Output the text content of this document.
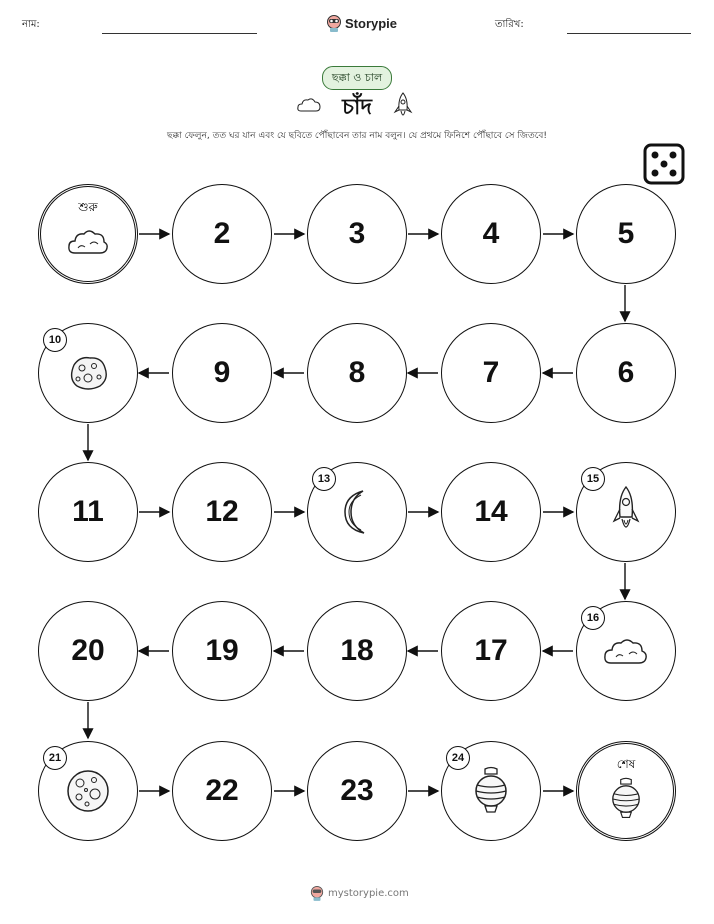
নাম:	Storypie	তারিখ:
ছক্কা ও চাল
চাঁদ
ছক্কা ফেলুন, তত ঘর যান এবং যে ছবিতে পৌঁছাবেন তার নাম বলুন। যে প্রথমে ফিনিশে পৌঁছাবে সে জিতবে!
শুরু
2	3	4	5
10
9	8	7	6
11	12
13
14
15
20	19	18	17
16
21
22	23
24	শেষ
mystorypie.com
